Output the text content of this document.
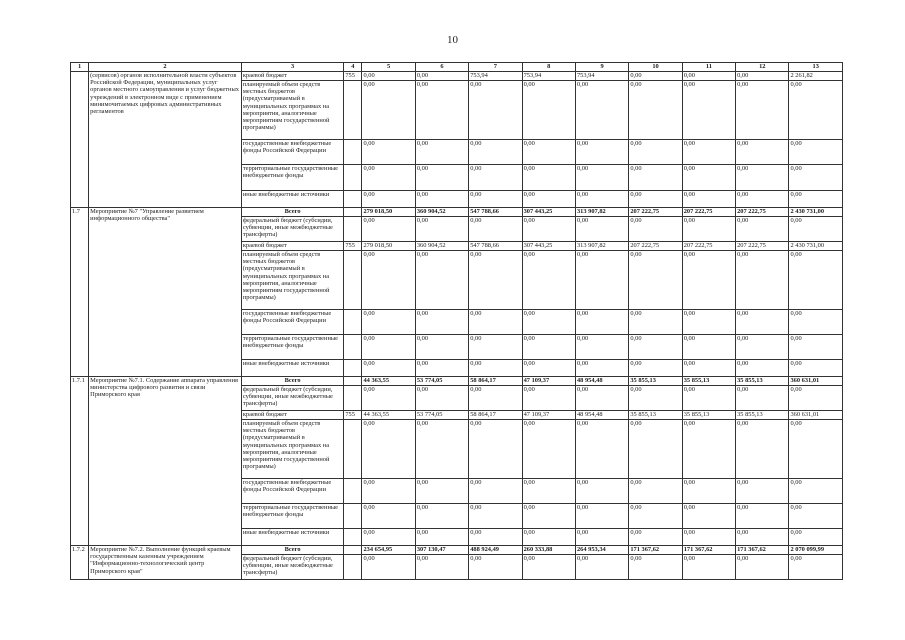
10
1	2	3	4	5	6	7	8	9	10	11	12	13
	(сервисов) органов исполнительной власти субъектов Российской Федерации, муниципальных услуг органов местного самоуправления и услуг бюджетных учреждений в электронном виде с применением минимочитаемых цифровых административных регламентов	краевой бюджет	755	0,00	0,00	753,94	753,94	753,94	0,00	0,00	0,00	2 261,82
		планируемый объем средств местных бюджетов (предусматриваемый в муниципальных программах на мероприятия, аналогичные мероприятиям государственной программы)		0,00	0,00	0,00	0,00	0,00	0,00	0,00	0,00	0,00
		государственные внебюджетные фонды Российской Федерации		0,00	0,00	0,00	0,00	0,00	0,00	0,00	0,00	0,00
		территориальные государственные внебюджетные фонды		0,00	0,00	0,00	0,00	0,00	0,00	0,00	0,00	0,00
		иные внебюджетные источники		0,00	0,00	0,00	0,00	0,00	0,00	0,00	0,00	0,00
1.7	Мероприятие №7 "Управление развитием информационного общества"	Всего		279 018,50	360 904,52	547 788,66	307 443,25	313 907,82	207 222,75	207 222,75	207 222,75	2 430 731,00
		федеральный бюджет (субсидии, субвенции, иные межбюджетные трансферты)		0,00	0,00	0,00	0,00	0,00	0,00	0,00	0,00	0,00
		краевой бюджет	755	279 018,50	360 904,52	547 788,66	307 443,25	313 907,82	207 222,75	207 222,75	207 222,75	2 430 731,00
		планируемый объем средств местных бюджетов (предусматриваемый в муниципальных программах на мероприятия, аналогичные мероприятиям государственной программы)		0,00	0,00	0,00	0,00	0,00	0,00	0,00	0,00	0,00
		государственные внебюджетные фонды Российской Федерации		0,00	0,00	0,00	0,00	0,00	0,00	0,00	0,00	0,00
		территориальные государственные внебюджетные фонды		0,00	0,00	0,00	0,00	0,00	0,00	0,00	0,00	0,00
		иные внебюджетные источники		0,00	0,00	0,00	0,00	0,00	0,00	0,00	0,00	0,00
1.7.1	Мероприятие №7.1. Содержание аппарата управления министерства цифрового развития и связи Приморского края	Всего		44 363,55	53 774,05	58 864,17	47 109,37	48 954,48	35 855,13	35 855,13	35 855,13	360 631,01
		федеральный бюджет (субсидии, субвенции, иные межбюджетные трансферты)		0,00	0,00	0,00	0,00	0,00	0,00	0,00	0,00	0,00
		краевой бюджет	755	44 363,55	53 774,05	58 864,17	47 109,37	48 954,48	35 855,13	35 855,13	35 855,13	360 631,01
		планируемый объем средств местных бюджетов (предусматриваемый в муниципальных программах на мероприятия, аналогичные мероприятиям государственной программы)		0,00	0,00	0,00	0,00	0,00	0,00	0,00	0,00	0,00
		государственные внебюджетные фонды Российской Федерации		0,00	0,00	0,00	0,00	0,00	0,00	0,00	0,00	0,00
		территориальные государственные внебюджетные фонды		0,00	0,00	0,00	0,00	0,00	0,00	0,00	0,00	0,00
		иные внебюджетные источники		0,00	0,00	0,00	0,00	0,00	0,00	0,00	0,00	0,00
1.7.2	Мероприятие №7.2. Выполнение функций краевым государственным казенным учреждением "Информационно-технологический центр Приморского края"	Всего		234 654,95	307 130,47	488 924,49	260 333,88	264 953,34	171 367,62	171 367,62	171 367,62	2 070 099,99
		федеральный бюджет (субсидии, субвенции, иные межбюджетные трансферты)		0,00	0,00	0,00	0,00	0,00	0,00	0,00	0,00	0,00
